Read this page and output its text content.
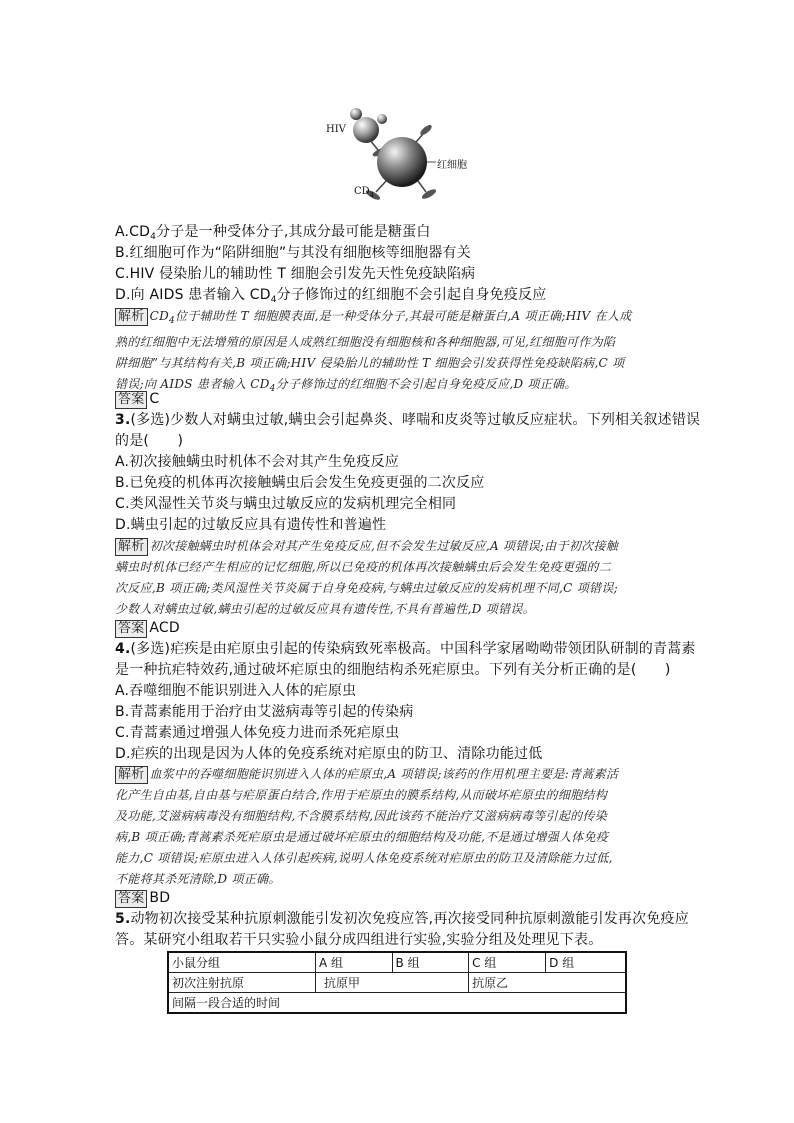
HIV
红细胞
$CD_4$
$A.CD_4$分子是一种受体分子,其成分最可能是糖蛋白
B.红细胞可作为“陷阱细胞”与其没有细胞核等细胞器有关
C.HIV 侵染胎儿的辅助性 T 细胞会引发先天性免疫缺陷病
D.向 AIDS 患者输入 $CD_4$分子修饰过的红细胞不会引起自身免疫反应
解析 $CD_4$位于辅助性 T 细胞膜表面,是一种受体分子,其最可能是糖蛋白,A 项正确;HIV 在人成
熟的红细胞中无法增殖的原因是人成熟红细胞没有细胞核和各种细胞器,可见,红细胞可作为陷
阱细胞”与其结构有关,B 项正确;HIV 侵染胎儿的辅助性 T 细胞会引发获得性免疫缺陷病,C 项
错误;向 AIDS 患者输入 $CD_4$分子修饰过的红细胞不会引起自身免疫反应,D 项正确。
答案 C
3.(多选)少数人对螨虫过敏,螨虫会引起鼻炎、哮喘和皮炎等过敏反应症状。下列相关叙述错误
的是(　　)
A.初次接触螨虫时机体不会对其产生免疫反应
B.已免疫的机体再次接触螨虫后会发生免疫更强的二次反应
C.类风湿性关节炎与螨虫过敏反应的发病机理完全相同
D.螨虫引起的过敏反应具有遗传性和普遍性
解析 初次接触螨虫时机体会对其产生免疫反应,但不会发生过敏反应,A 项错误;由于初次接触
螨虫时机体已经产生相应的记忆细胞,所以已免疫的机体再次接触螨虫后会发生免疫更强的二
次反应,B 项正确;类风湿性关节炎属于自身免疫病,与螨虫过敏反应的发病机理不同,C 项错误;
少数人对螨虫过敏,螨虫引起的过敏反应具有遗传性,不具有普遍性,D 项错误。
答案 ACD
4.(多选)疟疾是由疟原虫引起的传染病致死率极高。中国科学家屠呦呦带领团队研制的青蒿素
是一种抗疟特效药,通过破坏疟原虫的细胞结构杀死疟原虫。下列有关分析正确的是(　　)
A.吞噬细胞不能识别进入人体的疟原虫
B.青蒿素能用于治疗由艾滋病毒等引起的传染病
C.青蒿素通过增强人体免疫力进而杀死疟原虫
D.疟疾的出现是因为人体的免疫系统对疟原虫的防卫、清除功能过低
解析 血浆中的吞噬细胞能识别进入人体的疟原虫,A 项错误;该药的作用机理主要是:青蒿素活
化产生自由基,自由基与疟原蛋白结合,作用于疟原虫的膜系结构,从而破坏疟原虫的细胞结构
及功能,艾滋病病毒没有细胞结构,不含膜系结构,因此该药不能治疗艾滋病病毒等引起的传染
病,B 项正确;青蒿素杀死疟原虫是通过破坏疟原虫的细胞结构及功能,不是通过增强人体免疫
能力,C 项错误;疟原虫进入人体引起疾病,说明人体免疫系统对疟原虫的防卫及清除能力过低,
不能将其杀死清除,D 项正确。
答案 BD
5.动物初次接受某种抗原刺激能引发初次免疫应答,再次接受同种抗原刺激能引发再次免疫应
答。某研究小组取若干只实验小鼠分成四组进行实验,实验分组及处理见下表。
小鼠分组	A 组	B 组	C 组	D 组
初次注射抗原	抗原甲		抗原乙	
间隔一段合适的时间				
